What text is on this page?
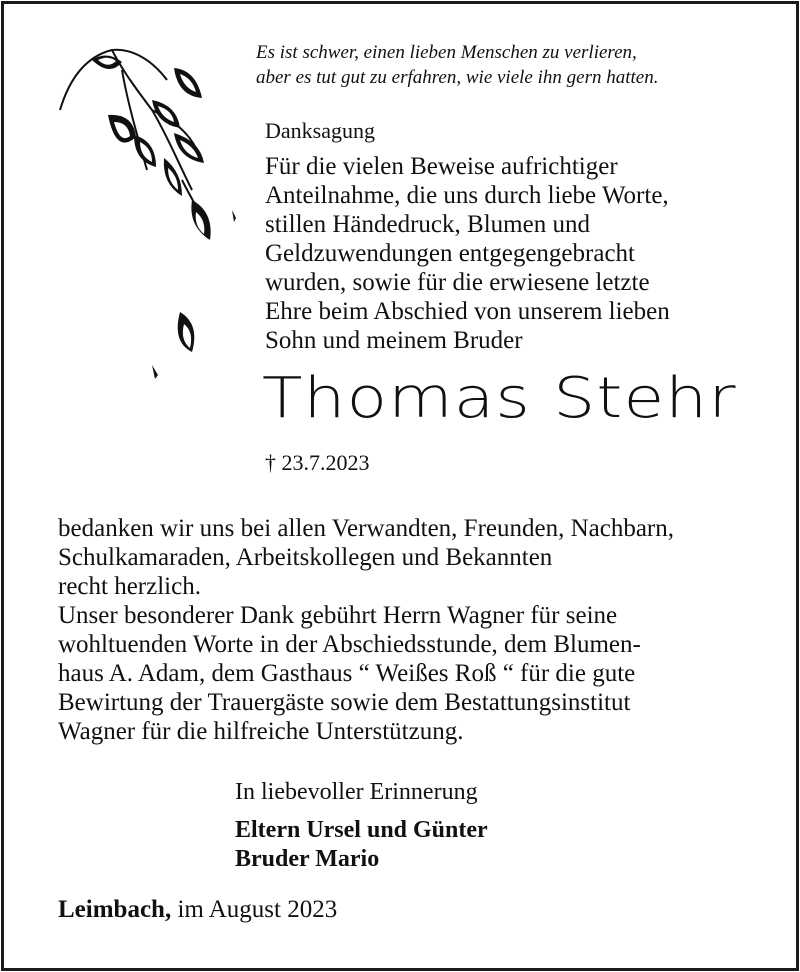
Es ist schwer, einen lieben Menschen zu verlieren,
aber es tut gut zu erfahren, wie viele ihn gern hatten.
Danksagung
Für die vielen Beweise aufrichtiger
Anteilnahme, die uns durch liebe Worte,
stillen Händedruck, Blumen und
Geldzuwendungen entgegengebracht
wurden, sowie für die erwiesene letzte
Ehre beim Abschied von unserem lieben
Sohn und meinem Bruder
Thomas Stehr
† 23.7.2023
bedanken wir uns bei allen Verwandten, Freunden, Nachbarn,
Schulkamaraden, Arbeitskollegen und Bekannten
recht herzlich.
Unser besonderer Dank gebührt Herrn Wagner für seine
wohltuenden Worte in der Abschiedsstunde, dem Blumen-
haus A. Adam, dem Gasthaus “ Weißes Roß “ für die gute
Bewirtung der Trauergäste sowie dem Bestattungsinstitut
Wagner für die hilfreiche Unterstützung.
In liebevoller Erinnerung
Eltern Ursel und Günter
Bruder Mario
Leimbach, im August 2023
